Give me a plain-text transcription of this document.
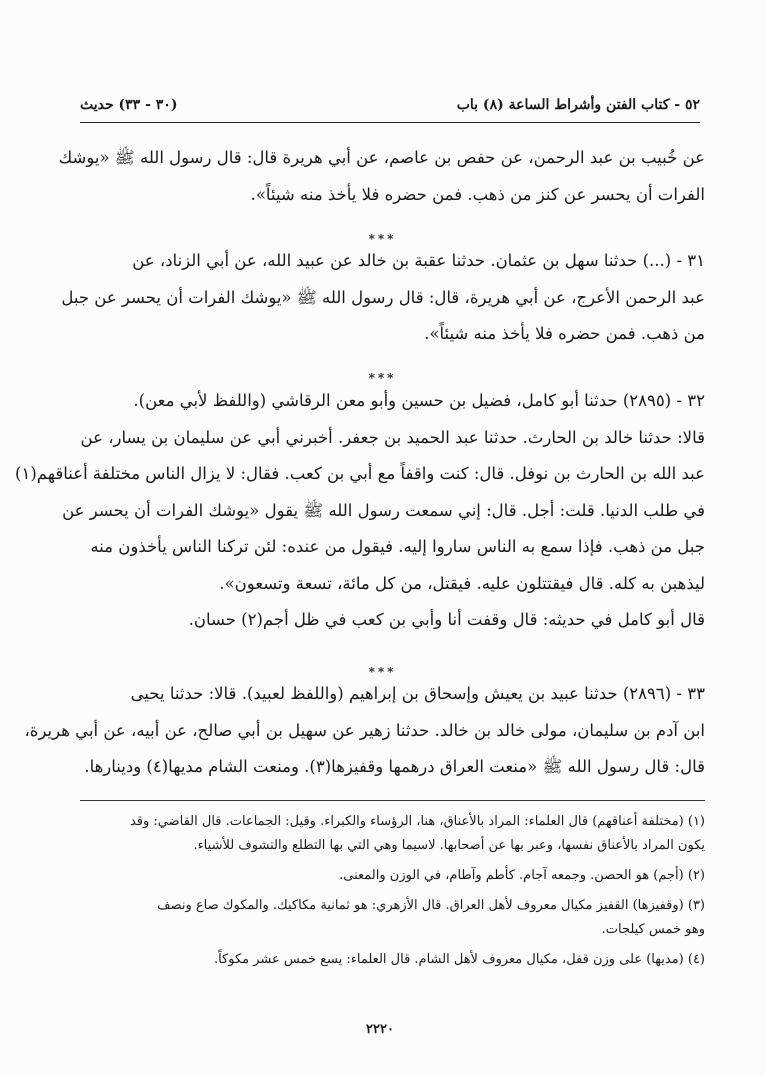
٥٢ - كتاب الفتن وأشراط الساعة (٨) باب
(٣٠ - ٣٣) حديث
عن خُبيب بن عبد الرحمن، عن حفص بن عاصم، عن أبي هريرة قال: قال رسول الله ﷺ «يوشك
الفرات أن يحسر عن كنز من ذهب. فمن حضره فلا يأخذ منه شيئاً».
***
٣١ - (...) حدثنا سهل بن عثمان. حدثنا عقبة بن خالد عن عبيد الله، عن أبي الزناد، عن
عبد الرحمن الأعرج، عن أبي هريرة، قال: قال رسول الله ﷺ «يوشك الفرات أن يحسر عن جبل
من ذهب. فمن حضره فلا يأخذ منه شيئاً».
***
٣٢ - (٢٨٩٥) حدثنا أبو كامل، فضيل بن حسين وأبو معن الرقاشي (واللفظ لأبي معن).
قالا: حدثنا خالد بن الحارث. حدثنا عبد الحميد بن جعفر. أخبرني أبي عن سليمان بن يسار، عن
عبد الله بن الحارث بن نوفل. قال: كنت واقفاً مع أبي بن كعب. فقال: لا يزال الناس مختلفة أعناقهم(١)
في طلب الدنيا. قلت: أجل. قال: إني سمعت رسول الله ﷺ يقول «يوشك الفرات أن يحسر عن
جبل من ذهب. فإذا سمع به الناس ساروا إليه. فيقول من عنده: لئن تركنا الناس يأخذون منه
ليذهبن به كله. قال فيقتتلون عليه. فيقتل، من كل مائة، تسعة وتسعون».
قال أبو كامل في حديثه: قال وقفت أنا وأبي بن كعب في ظل أجم(٢) حسان.
***
٣٣ - (٢٨٩٦) حدثنا عبيد بن يعيش وإسحاق بن إبراهيم (واللفظ لعبيد). قالا: حدثنا يحيى
ابن آدم بن سليمان، مولى خالد بن خالد. حدثنا زهير عن سهيل بن أبي صالح، عن أبيه، عن أبي هريرة،
قال: قال رسول الله ﷺ «منعت العراق درهمها وقفيزها(٣). ومنعت الشام مديها(٤) ودينارها.
(١) (مختلفة أعناقهم) قال العلماء: المراد بالأعناق، هنا، الرؤساء والكبراء. وقيل: الجماعات. قال القاضي: وقد
يكون المراد بالأعناق نفسها، وعبر بها عن أصحابها. لاسيما وهي التي بها التطلع والتشوف للأشياء.
(٢) (أجم) هو الحصن. وجمعه آجام. كأطم وآطام، في الوزن والمعنى.
(٣) (وقفيزها) القفيز مكيال معروف لأهل العراق. قال الأزهري: هو ثمانية مكاكيك. والمكوك صاع ونصف
وهو خمس كيلجات.
(٤) (مديها) على وزن قفل، مكيال معروف لأهل الشام. قال العلماء: يسع خمس عشر مكوكاً.
٢٢٢٠
